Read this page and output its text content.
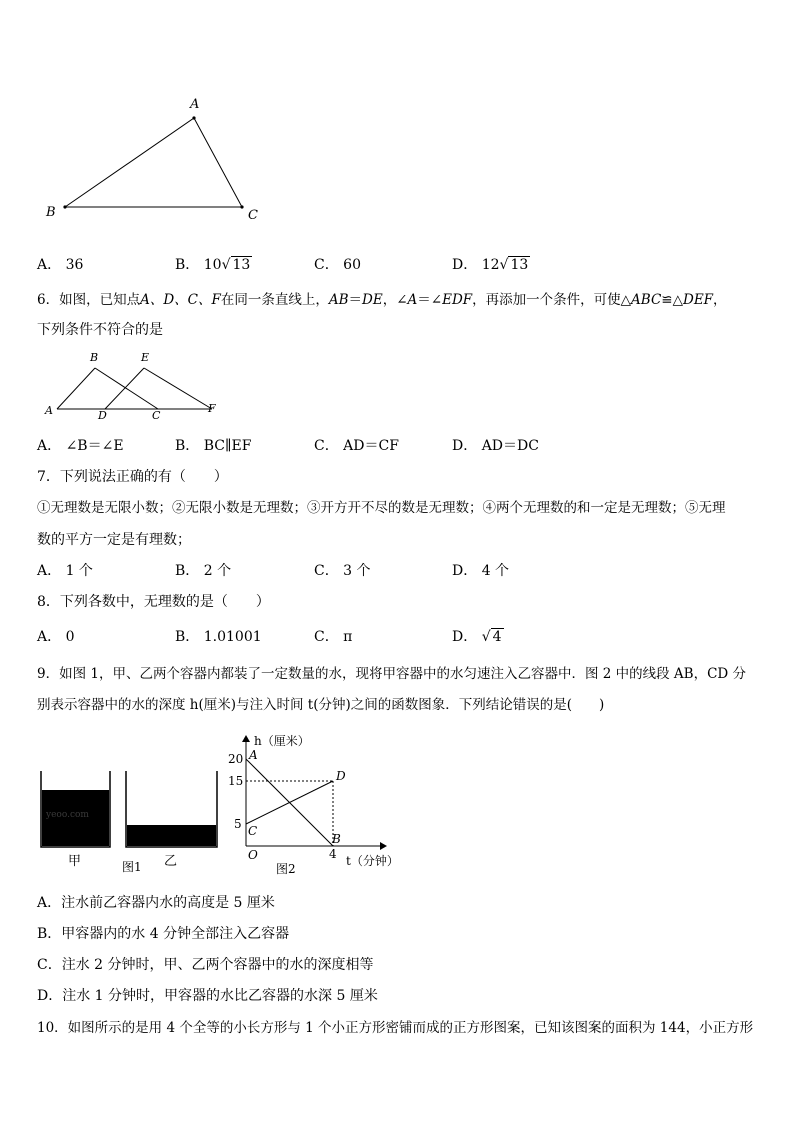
A
B	C
A． 36	B． 10√ 13	C． 60	D． 12√ 13
6．如图，已知点A、D、C、F在同一条直线上，AB＝DE，∠A＝∠EDF，再添加一个条件，可使△ABC≌△DEF，
下列条件不符合的是
B	E
A	D	C
F
A． ∠B＝∠E	B． BC∥EF	C． AD＝CF	D． AD＝DC
7．下列说法正确的有（　　）
①无理数是无限小数；②无限小数是无理数；③开方开不尽的数是无理数；④两个无理数的和一定是无理数；⑤无理
数的平方一定是有理数；
A． 1 个	B． 2 个	C． 3 个	D． 4 个
8．下列各数中，无理数的是（　　）
A． 0	B． 1.01001	C． π	D． √ 4
9．如图 1，甲、乙两个容器内都装了一定数量的水，现将甲容器中的水匀速注入乙容器中．图 2 中的线段 AB，CD 分
别表示容器中的水的深度 h(厘米)与注入时间 t(分钟)之间的函数图象．下列结论错误的是(　　)
yeoo.com
甲	图1 乙
h（厘米）
t（分钟）
20
15
5
4
O
A
B
C
D
图2
A．注水前乙容器内水的高度是 5 厘米
B．甲容器内的水 4 分钟全部注入乙容器
C．注水 2 分钟时，甲、乙两个容器中的水的深度相等
D．注水 1 分钟时，甲容器的水比乙容器的水深 5 厘米
10．如图所示的是用 4 个全等的小长方形与 1 个小正方形密铺而成的正方形图案，已知该图案的面积为 144，小正方形
